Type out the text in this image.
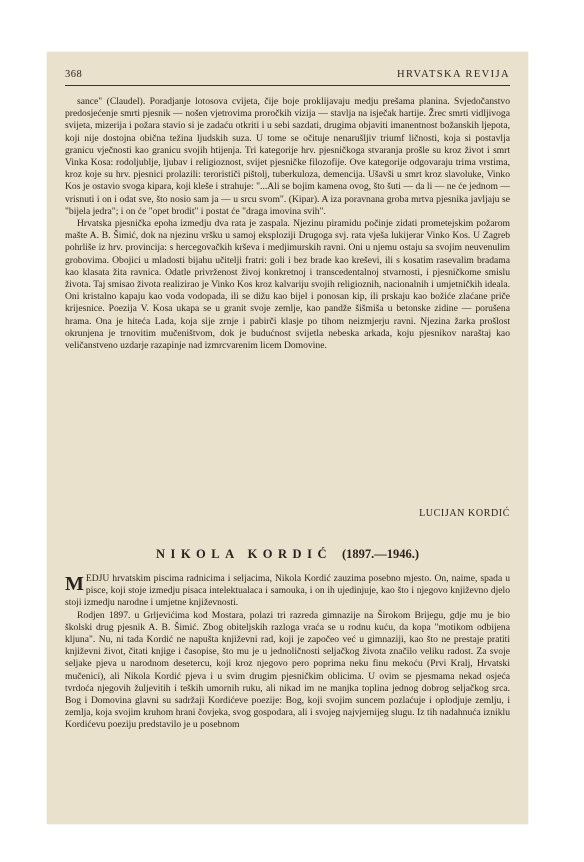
368	HRVATSKA REVIJA

sance" (Claudel). Poradjanje lotosova cvijeta, čije boje proklijavaju medju prešama planina. Svjedočanstvo predosjećenje smrti pjesnik — nošen vjetrovima proročkih vizija — stavlja na isječak hartije. Žrec smrti vidljivoga svijeta, mizerija i požara stavio si je zadaću otkriti i u sebi sazdati, drugima objaviti imanentnost božanskih ljepota, koji nije dostojna obična težina ljudskih suza. U tome se očituje nenarušljiv triumf ličnosti, koja si postavlja granicu vječnosti kao granicu svojih htijenja. Tri kategorije hrv. pjesničkoga stvaranja prošle su kroz život i smrt Vinka Kosa: rodoljublje, ljubav i religioznost, svijet pjesničke filozofije. Ove kategorije odgovaraju trima vrstima, kroz koje su hrv. pjesnici prolazili: terorističi pištolj, tuberkuloza, demencija. Ušavši u smrt kroz slavoluke, Vinko Kos je ostavio svoga kipara, koji kleše i strahuje: "...Ali se bojim kamena ovog, što šuti — da li — ne će jednom — vrisnuti i on i odat sve, što nosio sam ja — u srcu svom". (Kipar). A iza poravnana groba mrtva pjesnika javljaju se "bijela jedra"; i on će "opet brodit" i postat će "draga imovina svih".

Hrvatska pjesnička epoha izmedju dva rata je zaspala. Njezinu piramidu počinje zidati prometejskim požarom mašte A. B. Šimić, dok na njezinu vršku u samoj eksploziji Drugoga svj. rata vješa lukijerar Vinko Kos. U Zagreb pohrliše iz hrv. provincija: s hercegovačkih krševa i medjimurskih ravni. Oni u njemu ostaju sa svojim neuvenulim grobovima. Obojici u mladosti bijahu učitelji fratri: goli i bez brade kao kreševi, ili s kosatim rasevalim bradama kao klasata žita ravnica. Odatle privrženost živoj konkretnoj i transcedentalnoj stvarnosti, i pjesničkome smislu života. Taj smisao života realizirao je Vinko Kos kroz kalvariju svojih religioznih, nacionalnih i umjetničkih ideala. Oni kristalno kapaju kao voda vodopada, ili se dižu kao bijel i ponosan kip, ili prskaju kao božiće zlaćane priče krijesnice. Poezija V. Kosa ukapa se u granit svoje zemlje, kao pandže šišmiša u betonske zidine — porušena hrama. Ona je hiteća Lada, koja sije zrnje i pabirči klasje po tihom neizmjerju ravni. Njezina žarka prošlost okrunjena je trnovitim mučeništvom, dok je budućnost svijetla nebeska arkada, koju pjesnikov naraštaj kao veličanstveno uzdarje razapinje nad izmrcvarenim licem Domovine.

LUCIJAN KORDIĆ
NIKOLA KORDIĆ (1897.—1946.)

MEDJU hrvatskim piscima radnicima i seljacima, Nikola Kordić zauzima posebno mjesto. On, naime, spada u pisce, koji stoje izmedju pisaca intelektualaca i samouka, i on ih ujedinjuje, kao što i njegovo književno djelo stoji izmedju narodne i umjetne književnosti.

Rodjen 1897. u Grljevićima kod Mostara, polazi tri razreda gimnazije na Širokom Brijegu, gdje mu je bio školski drug pjesnik A. B. Šimić. Zbog obiteljskih razloga vraća se u rodnu kuću, da kopa "motikom odbijena kljuna". Nu, ni tada Kordić ne napušta književni rad, koji je započeo već u gimnaziji, kao što ne prestaje pratiti književni život, čitati knjige i časopise, što mu je u jednoličnosti seljačkog života značilo veliku radost. Za svoje seljake pjeva u narodnom desetercu, koji kroz njegovo pero poprima neku finu mekoću (Prvi Kralj, Hrvatski mučenici), ali Nikola Kordić pjeva i u svim drugim pjesničkim oblicima. U ovim se pjesmama nekad osjeća tvrdoća njegovih žuljevitih i teških umornih ruku, ali nikad im ne manjka toplina jednog dobrog seljačkog srca. Bog i Domovina glavni su sadržaji Kordićeve poezije: Bog, koji svojim suncem pozlaćuje i oplodjuje zemlju, i zemlja, koja svojim kruhom hrani čovjeka, svog gospodara, ali i svojeg najvjernijeg slugu. Iz tih nadahnuća izniklu Kordićevu poeziju predstavilo je u posebnom
